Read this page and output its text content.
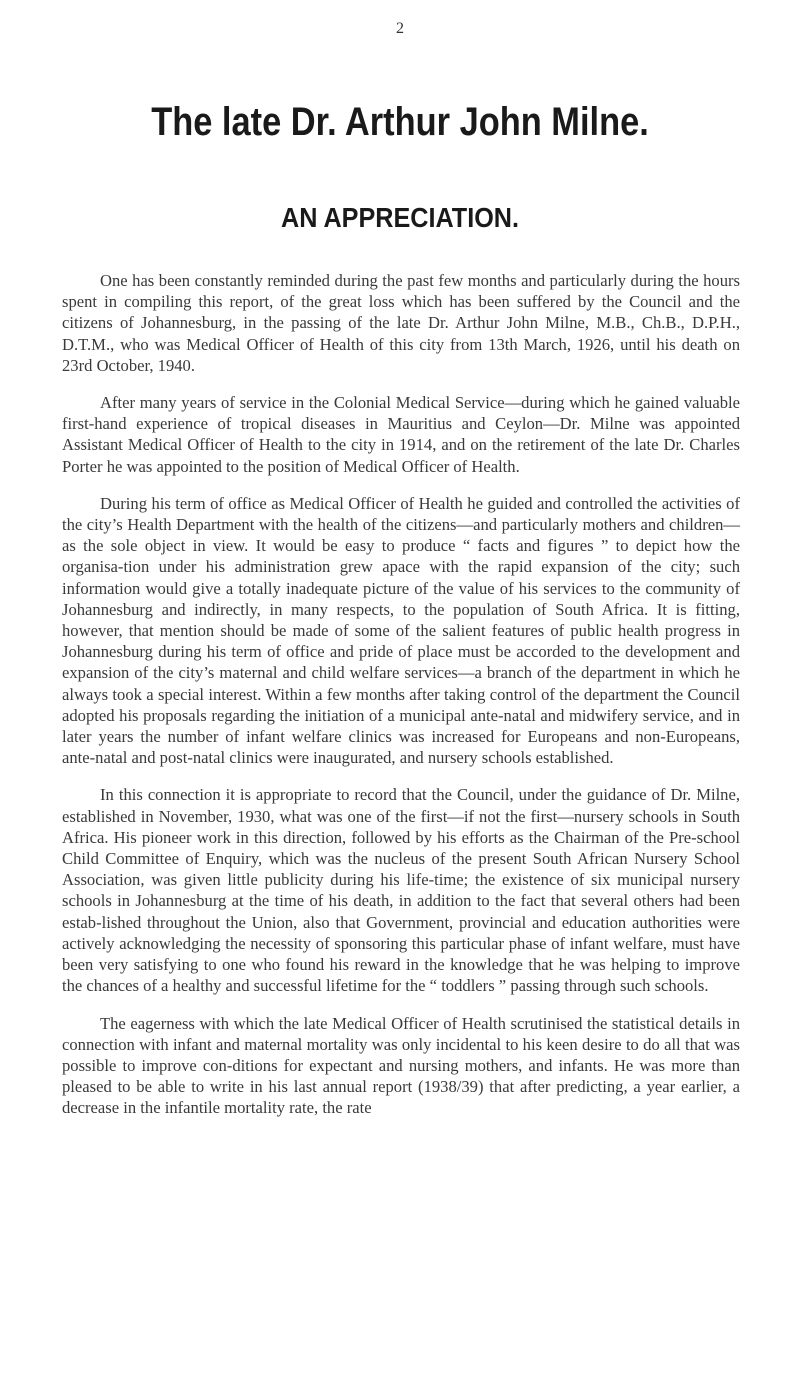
2
The late Dr. Arthur John Milne.
AN APPRECIATION.

One has been constantly reminded during the past few months and particularly during the hours spent in compiling this report, of the great loss which has been suffered by the Council and the citizens of Johannesburg, in the passing of the late Dr. Arthur John Milne, M.B., Ch.B., D.P.H., D.T.M., who was Medical Officer of Health of this city from 13th March, 1926, until his death on 23rd October, 1940.

After many years of service in the Colonial Medical Service—during which he gained valuable first-hand experience of tropical diseases in Mauritius and Ceylon—Dr. Milne was appointed Assistant Medical Officer of Health to the city in 1914, and on the retirement of the late Dr. Charles Porter he was appointed to the position of Medical Officer of Health.

During his term of office as Medical Officer of Health he guided and controlled the activities of the city’s Health Department with the health of the citizens—and particularly mothers and children—as the sole object in view. It would be easy to produce “ facts and figures ” to depict how the organisa-tion under his administration grew apace with the rapid expansion of the city; such information would give a totally inadequate picture of the value of his services to the community of Johannesburg and indirectly, in many respects, to the population of South Africa. It is fitting, however, that mention should be made of some of the salient features of public health progress in Johannesburg during his term of office and pride of place must be accorded to the development and expansion of the city’s maternal and child welfare services—a branch of the department in which he always took a special interest. Within a few months after taking control of the department the Council adopted his proposals regarding the initiation of a municipal ante-natal and midwifery service, and in later years the number of infant welfare clinics was increased for Europeans and non-Europeans, ante-natal and post-natal clinics were inaugurated, and nursery schools established.

In this connection it is appropriate to record that the Council, under the guidance of Dr. Milne, established in November, 1930, what was one of the first—if not the first—nursery schools in South Africa. His pioneer work in this direction, followed by his efforts as the Chairman of the Pre-school Child Committee of Enquiry, which was the nucleus of the present South African Nursery School Association, was given little publicity during his life-time; the existence of six municipal nursery schools in Johannesburg at the time of his death, in addition to the fact that several others had been estab-lished throughout the Union, also that Government, provincial and education authorities were actively acknowledging the necessity of sponsoring this particular phase of infant welfare, must have been very satisfying to one who found his reward in the knowledge that he was helping to improve the chances of a healthy and successful lifetime for the “ toddlers ” passing through such schools.

The eagerness with which the late Medical Officer of Health scrutinised the statistical details in connection with infant and maternal mortality was only incidental to his keen desire to do all that was possible to improve con-ditions for expectant and nursing mothers, and infants. He was more than pleased to be able to write in his last annual report (1938/39) that after predicting, a year earlier, a decrease in the infantile mortality rate, the rate
